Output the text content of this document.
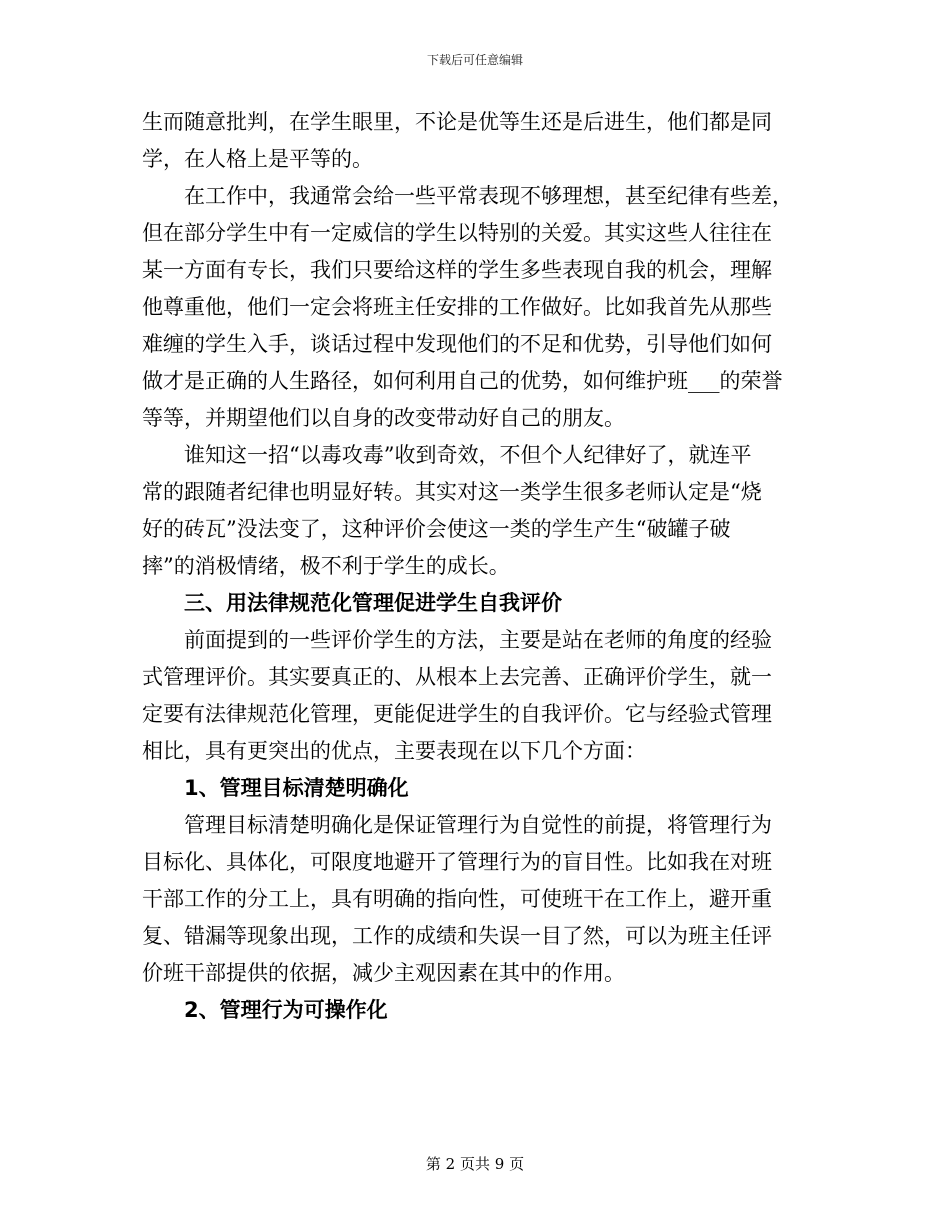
下载后可任意编辑

生而随意批判，在学生眼里，不论是优等生还是后进生，他们都是同
学，在人格上是平等的。

在工作中，我通常会给一些平常表现不够理想，甚至纪律有些差，
但在部分学生中有一定威信的学生以特别的关爱。其实这些人往往在
某一方面有专长，我们只要给这样的学生多些表现自我的机会，理解
他尊重他，他们一定会将班主任安排的工作做好。比如我首先从那些
难缠的学生入手，谈话过程中发现他们的不足和优势，引导他们如何
做才是正确的人生路径，如何利用自己的优势，如何维护班___的荣誉
等等，并期望他们以自身的改变带动好自己的朋友。

谁知这一招“以毒攻毒”收到奇效，不但个人纪律好了，就连平
常的跟随者纪律也明显好转。其实对这一类学生很多老师认定是“烧
好的砖瓦”没法变了，这种评价会使这一类的学生产生“破罐子破
摔”的消极情绪，极不利于学生的成长。

三、用法律规范化管理促进学生自我评价

前面提到的一些评价学生的方法，主要是站在老师的角度的经验
式管理评价。其实要真正的、从根本上去完善、正确评价学生，就一
定要有法律规范化管理，更能促进学生的自我评价。它与经验式管理
相比，具有更突出的优点，主要表现在以下几个方面：

1、管理目标清楚明确化

管理目标清楚明确化是保证管理行为自觉性的前提，将管理行为
目标化、具体化，可限度地避开了管理行为的盲目性。比如我在对班
干部工作的分工上，具有明确的指向性，可使班干在工作上，避开重
复、错漏等现象出现，工作的成绩和失误一目了然，可以为班主任评
价班干部提供的依据，减少主观因素在其中的作用。

2、管理行为可操作化

第 2 页共 9 页
